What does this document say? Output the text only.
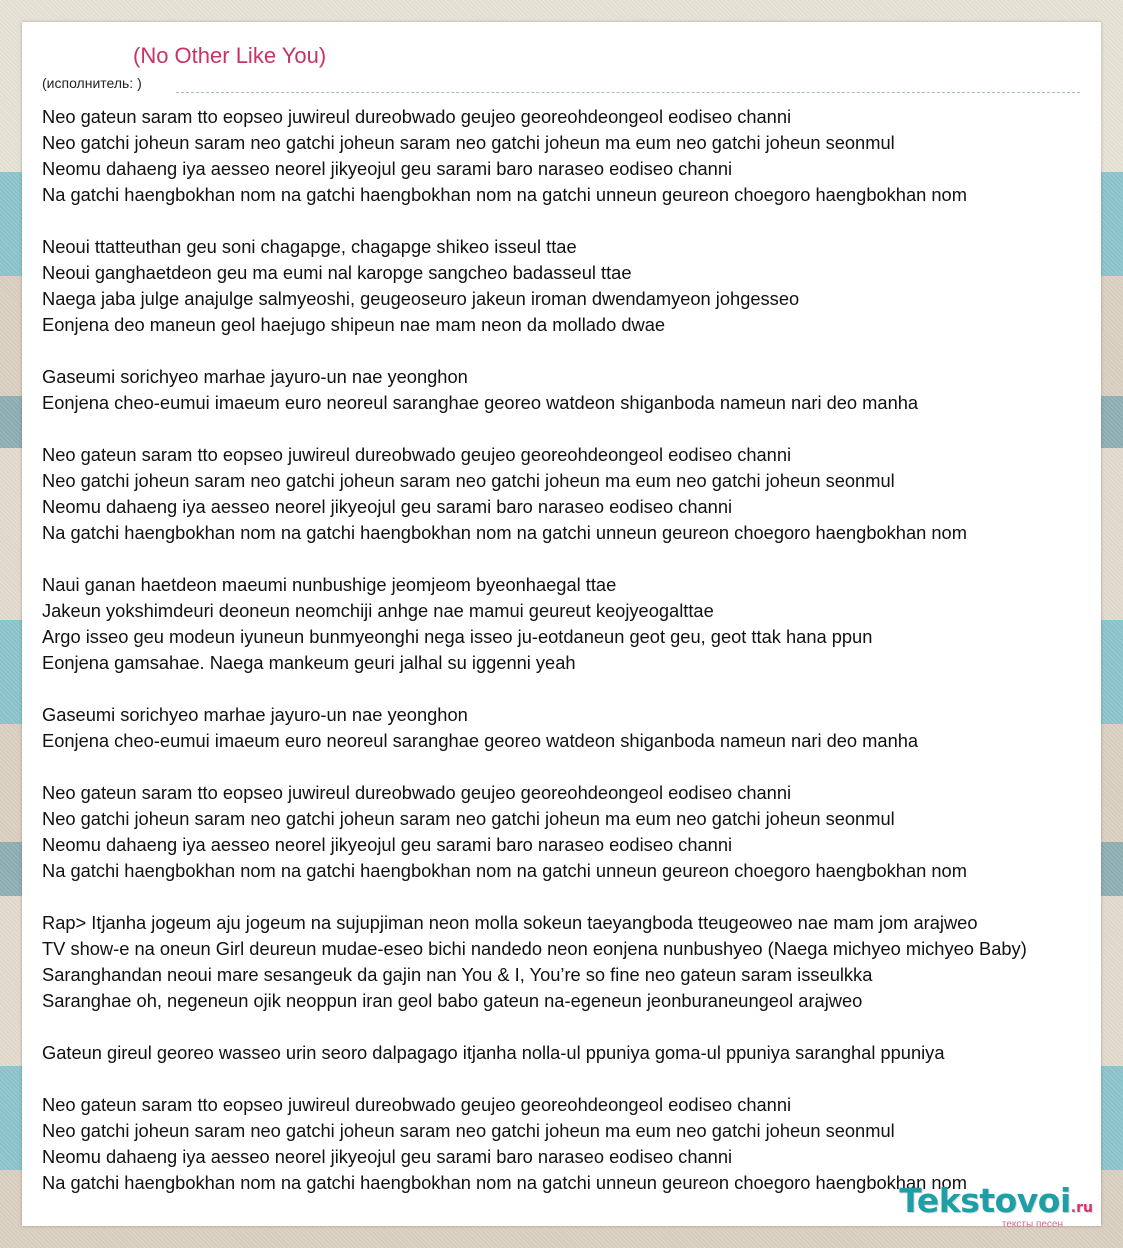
(No Other Like You)
(исполнитель: )
Neo gateun saram tto eopseo juwireul dureobwado geujeo georeohdeongeol eodiseo channi
Neo gatchi joheun saram neo gatchi joheun saram neo gatchi joheun ma eum neo gatchi joheun seonmul
Neomu dahaeng iya aesseo neorel jikyeojul geu sarami baro naraseo eodiseo channi
Na gatchi haengbokhan nom na gatchi haengbokhan nom na gatchi unneun geureon choegoro haengbokhan nom
Neoui ttatteuthan geu soni chagapge, chagapge shikeo isseul ttae
Neoui ganghaetdeon geu ma eumi nal karopge sangcheo badasseul ttae
Naega jaba julge anajulge salmyeoshi, geugeoseuro jakeun iroman dwendamyeon johgesseo
Eonjena deo maneun geol haejugo shipeun nae mam neon da mollado dwae
Gaseumi sorichyeo marhae jayuro-un nae yeonghon
Eonjena cheo-eumui imaeum euro neoreul saranghae georeo watdeon shiganboda nameun nari deo manha
Neo gateun saram tto eopseo juwireul dureobwado geujeo georeohdeongeol eodiseo channi
Neo gatchi joheun saram neo gatchi joheun saram neo gatchi joheun ma eum neo gatchi joheun seonmul
Neomu dahaeng iya aesseo neorel jikyeojul geu sarami baro naraseo eodiseo channi
Na gatchi haengbokhan nom na gatchi haengbokhan nom na gatchi unneun geureon choegoro haengbokhan nom
Naui ganan haetdeon maeumi nunbushige jeomjeom byeonhaegal ttae
Jakeun yokshimdeuri deoneun neomchiji anhge nae mamui geureut keojyeogalttae
Argo isseo geu modeun iyuneun bunmyeonghi nega isseo ju-eotdaneun geot geu, geot ttak hana ppun
Eonjena gamsahae. Naega mankeum geuri jalhal su iggenni yeah
Gaseumi sorichyeo marhae jayuro-un nae yeonghon
Eonjena cheo-eumui imaeum euro neoreul saranghae georeo watdeon shiganboda nameun nari deo manha
Neo gateun saram tto eopseo juwireul dureobwado geujeo georeohdeongeol eodiseo channi
Neo gatchi joheun saram neo gatchi joheun saram neo gatchi joheun ma eum neo gatchi joheun seonmul
Neomu dahaeng iya aesseo neorel jikyeojul geu sarami baro naraseo eodiseo channi
Na gatchi haengbokhan nom na gatchi haengbokhan nom na gatchi unneun geureon choegoro haengbokhan nom
Rap> Itjanha jogeum aju jogeum na sujupjiman neon molla sokeun taeyangboda tteugeoweo nae mam jom arajweo
TV show-e na oneun Girl deureun mudae-eseo bichi nandedo neon eonjena nunbushyeo (Naega michyeo michyeo Baby)
Saranghandan neoui mare sesangeuk da gajin nan You & I, You’re so fine neo gateun saram isseulkka
Saranghae oh, negeneun ojik neoppun iran geol babo gateun na-egeneun jeonburaneungeol arajweo
Gateun gireul georeo wasseo urin seoro dalpagago itjanha nolla-ul ppuniya goma-ul ppuniya saranghal ppuniya
Neo gateun saram tto eopseo juwireul dureobwado geujeo georeohdeongeol eodiseo channi
Neo gatchi joheun saram neo gatchi joheun saram neo gatchi joheun ma eum neo gatchi joheun seonmul
Neomu dahaeng iya aesseo neorel jikyeojul geu sarami baro naraseo eodiseo channi
Na gatchi haengbokhan nom na gatchi haengbokhan nom na gatchi unneun geureon choegoro haengbokhan nom
Tekstovoi.ru
тексты песен
